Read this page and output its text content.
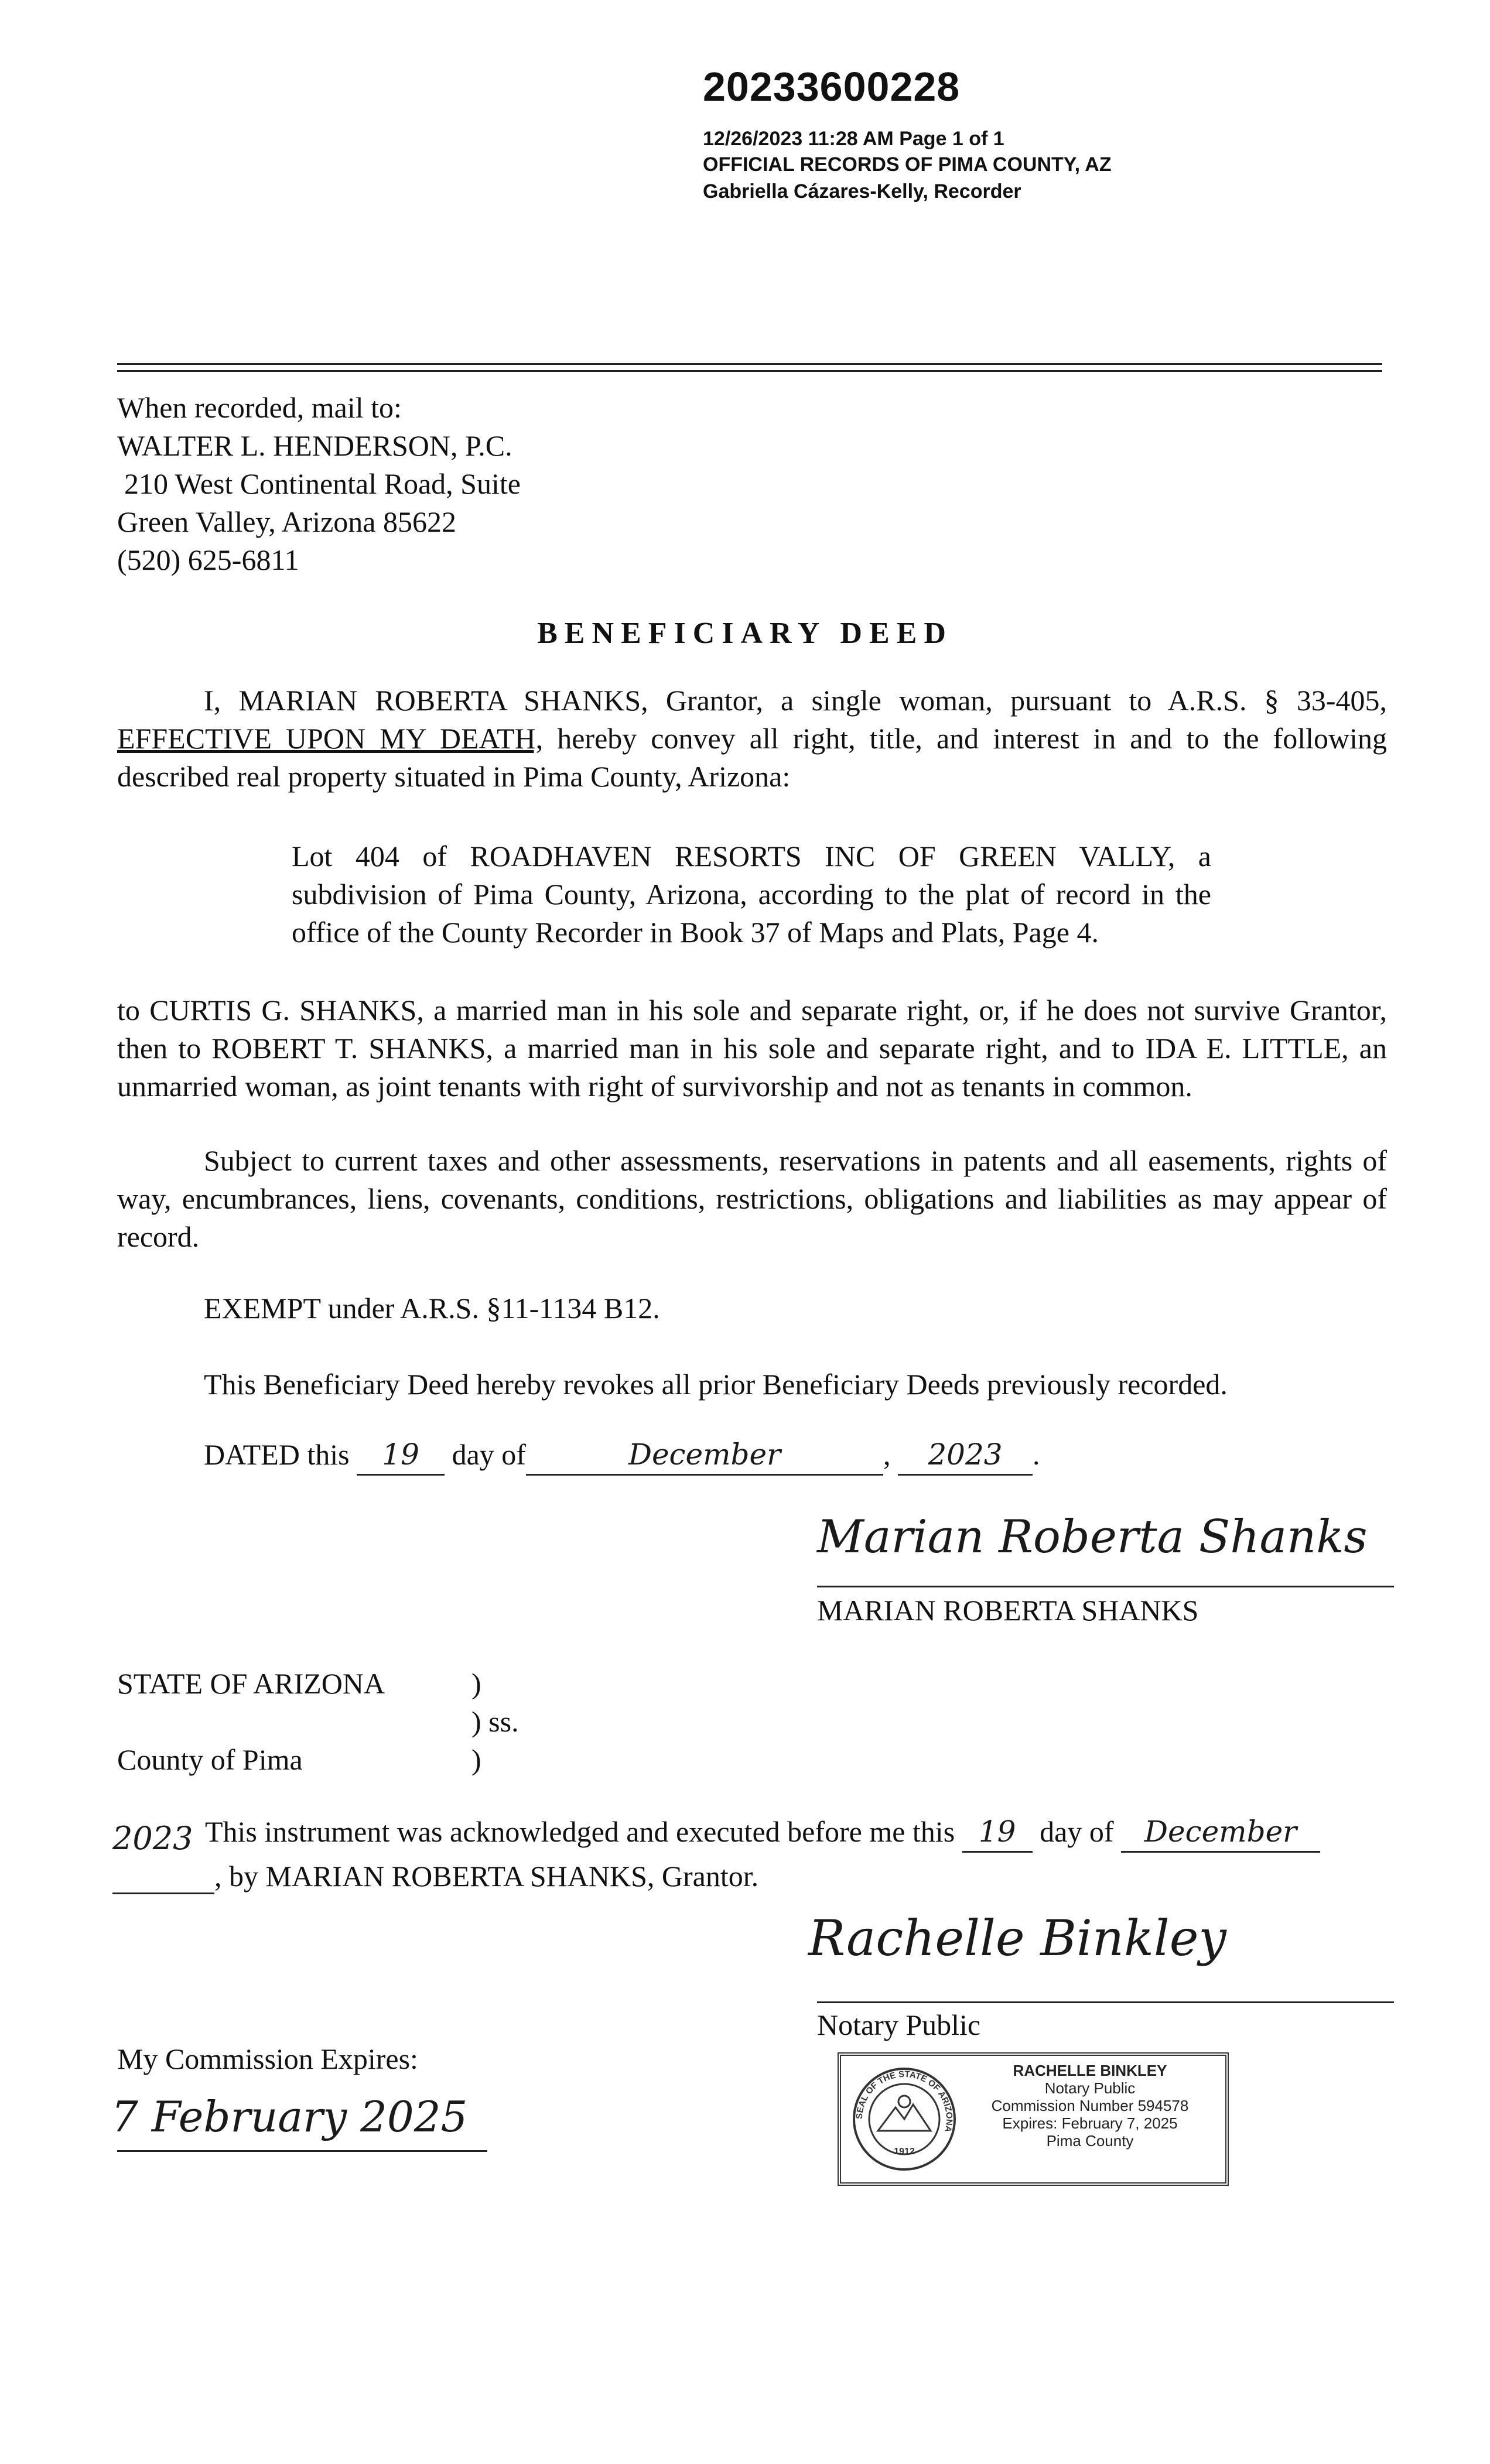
20233600228
12/26/2023 11:28 AM Page 1 of 1
OFFICIAL RECORDS OF PIMA COUNTY, AZ
Gabriella Cázares-Kelly, Recorder
When recorded, mail to:
WALTER L. HENDERSON, P.C.
210 West Continental Road, Suite
Green Valley, Arizona 85622
(520) 625-6811
BENEFICIARY DEED
I, MARIAN ROBERTA SHANKS, Grantor, a single woman, pursuant to A.R.S. § 33-405, EFFECTIVE UPON MY DEATH, hereby convey all right, title, and interest in and to the following described real property situated in Pima County, Arizona:
Lot 404 of ROADHAVEN RESORTS INC OF GREEN VALLY, a subdivision of Pima County, Arizona, according to the plat of record in the office of the County Recorder in Book 37 of Maps and Plats, Page 4.
to CURTIS G. SHANKS, a married man in his sole and separate right, or, if he does not survive Grantor, then to ROBERT T. SHANKS, a married man in his sole and separate right, and to IDA E. LITTLE, an unmarried woman, as joint tenants with right of survivorship and not as tenants in common.
Subject to current taxes and other assessments, reservations in patents and all easements, rights of way, encumbrances, liens, covenants, conditions, restrictions, obligations and liabilities as may appear of record.
EXEMPT under A.R.S. §11-1134 B12.
This Beneficiary Deed hereby revokes all prior Beneficiary Deeds previously recorded.
DATED this 19 day of	December	, 2023 .
Marian Roberta Shanks
MARIAN ROBERTA SHANKS
STATE OF ARIZONA	)
) ss.
County of Pima	)
2023 This instrument was acknowledged and executed before me this 19 day of December
, by MARIAN ROBERTA SHANKS, Grantor.
Rachelle Binkley
Notary Public
My Commission Expires:
7 February 2025	SEAL OF THE STATE OF ARIZONA
1912
RACHELLE BINKLEY
Notary Public
Commission Number 594578
Expires: February 7, 2025
Pima County
